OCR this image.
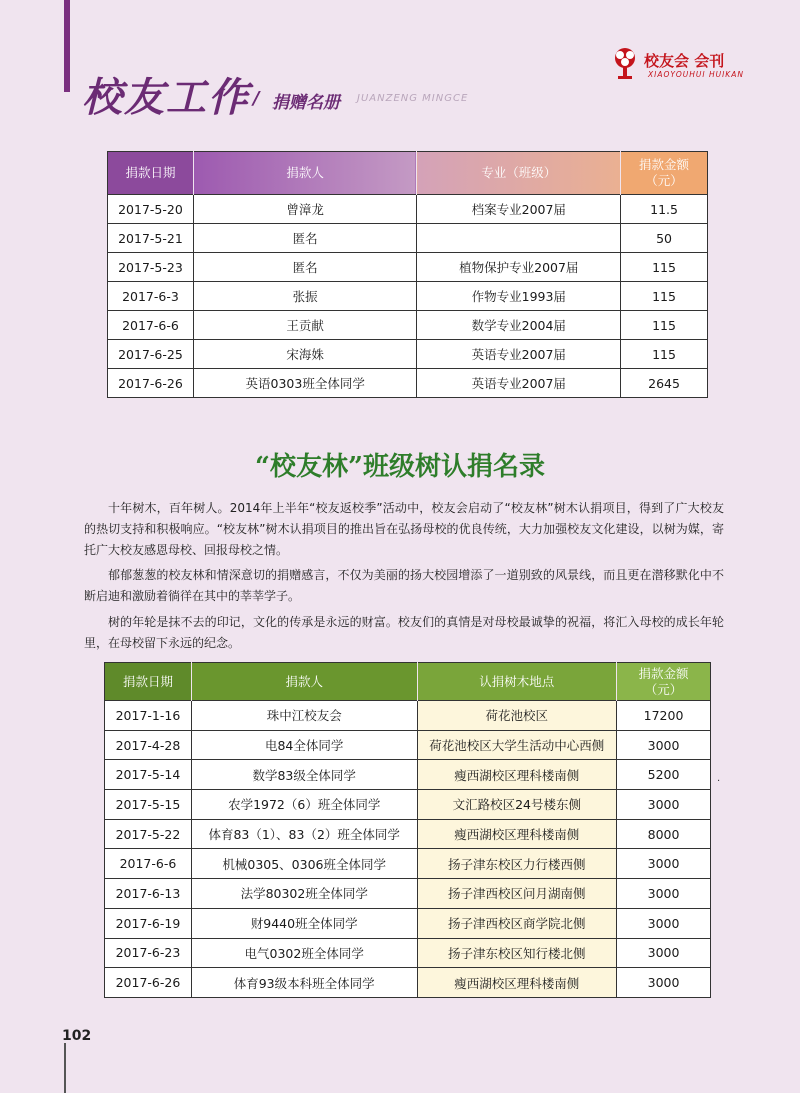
校友工作 / 捐赠名册 JUANZENG MINGCE
校友会 会刊
XIAOYOUHUI HUIKAN
捐款日期	捐款人	专业（班级）	捐款金额
（元）
2017-5-20	曾漳龙	档案专业2007届	11.5
2017-5-21	匿名		50
2017-5-23	匿名	植物保护专业2007届	115
2017-6-3	张振	作物专业1993届	115
2017-6-6	王贡献	数学专业2004届	115
2017-6-25	宋海姝	英语专业2007届	115
2017-6-26	英语0303班全体同学	英语专业2007届	2645
“校友林”班级树认捐名录

十年树木，百年树人。2014年上半年“校友返校季”活动中，校友会启动了“校友林”树木认捐项目，得到了广大校友的热切支持和积极响应。“校友林”树木认捐项目的推出旨在弘扬母校的优良传统，大力加强校友文化建设，以树为媒，寄托广大校友感恩母校、回报母校之情。

郁郁葱葱的校友林和情深意切的捐赠感言，不仅为美丽的扬大校园增添了一道别致的风景线，而且更在潜移默化中不断启迪和激励着徜徉在其中的莘莘学子。

树的年轮是抹不去的印记，文化的传承是永远的财富。校友们的真情是对母校最诚挚的祝福，将汇入母校的成长年轮里，在母校留下永远的纪念。

捐款日期	捐款人	认捐树木地点	捐款金额
（元）
2017-1-16	珠中江校友会	荷花池校区	17200
2017-4-28	电84全体同学	荷花池校区大学生活动中心西侧	3000
2017-5-14	数学83级全体同学	瘦西湖校区理科楼南侧	5200
2017-5-15	农学1972（6）班全体同学	文汇路校区24号楼东侧	3000
2017-5-22	体育83（1）、83（2）班全体同学	瘦西湖校区理科楼南侧	8000
2017-6-6	机械0305、0306班全体同学	扬子津东校区力行楼西侧	3000
2017-6-13	法学80302班全体同学	扬子津西校区问月湖南侧	3000
2017-6-19	财9440班全体同学	扬子津西校区商学院北侧	3000
2017-6-23	电气0302班全体同学	扬子津东校区知行楼北侧	3000
2017-6-26	体育93级本科班全体同学	瘦西湖校区理科楼南侧	3000
.
102
